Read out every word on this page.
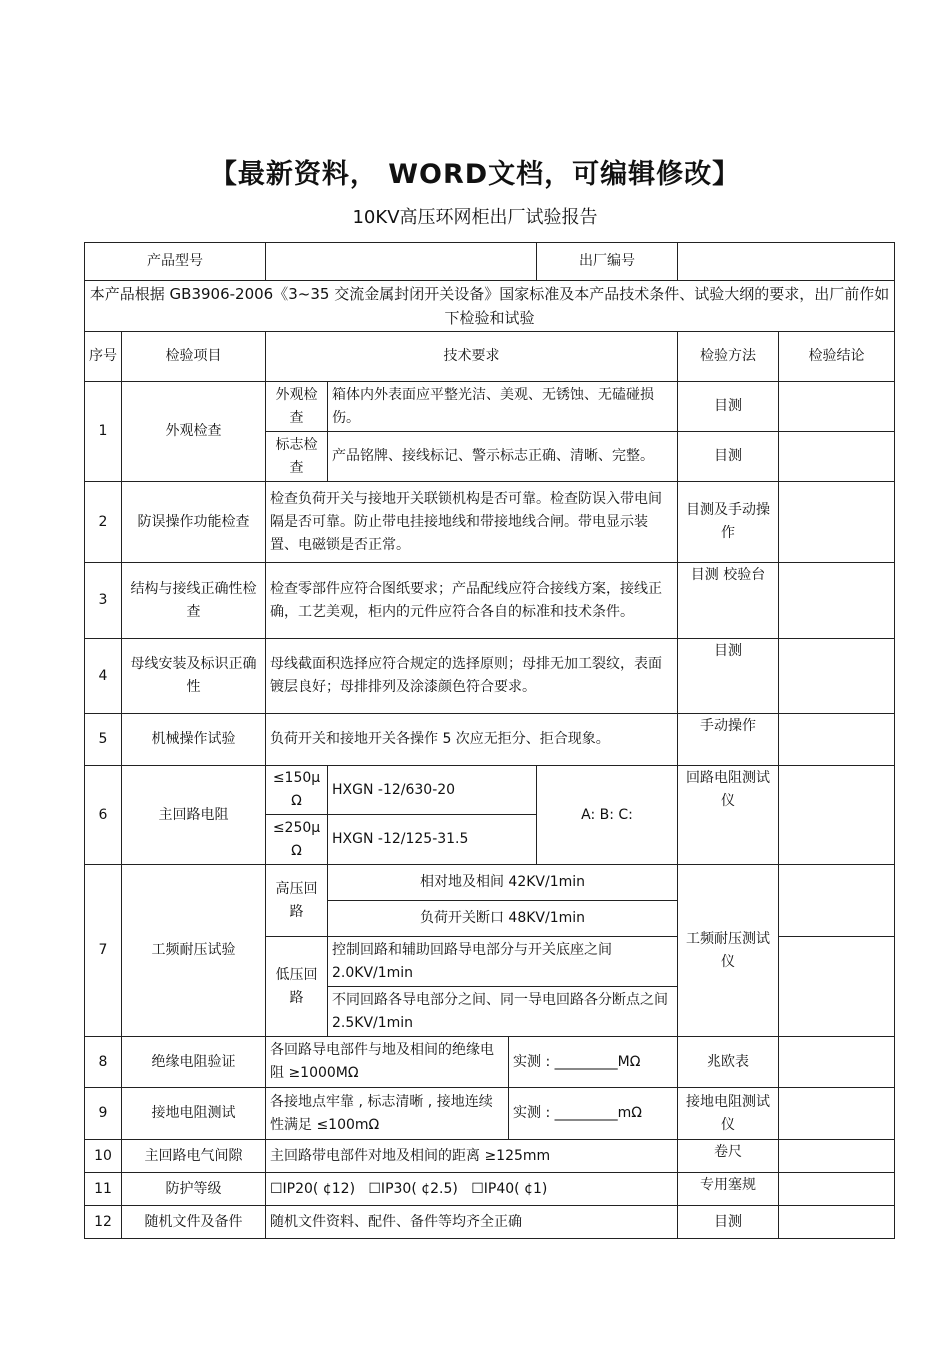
【最新资料， WORD文档，可编辑修改】
10KV高压环网柜出厂试验报告
产品型号					出厂编号		
本产品根据 GB3906-2006《3~35 交流金属封闭开关设备》国家标准及本产品技术条件、试验大纲的要求，出厂前作如下检验和试验							
序号	检验项目	技术要求				检验方法	检验结论
1	外观检查	外观检查	箱体内外表面应平整光洁、美观、无锈蚀、无磕碰损伤。			目测	
		标志检查	产品铭牌、接线标记、警示标志正确、清晰、完整。			目测	
2	防误操作功能检查	检查负荷开关与接地开关联锁机构是否可靠。检查防误入带电间隔是否可靠。防止带电挂接地线和带接地线合闸。带电显示装置、电磁锁是否正常。				目测及手动操作	
3	结构与接线正确性检查	检查零部件应符合图纸要求；产品配线应符合接线方案，接线正确，工艺美观，柜内的元件应符合各自的标准和技术条件。				目测 校验台	
4	母线安装及标识正确性	母线截面积选择应符合规定的选择原则；母排无加工裂纹，表面镀层良好；母排排列及涂漆颜色符合要求。				目测	
5	机械操作试验	负荷开关和接地开关各操作 5 次应无拒分、拒合现象。				手动操作	
6	主回路电阻	≤150μ Ω	HXGN -12/630-20		A: B: C:	回路电阻测试仪	
		≤250μ Ω	HXGN -12/125-31.5				
7	工频耐压试验	高压回路	相对地及相间 42KV/1min			工频耐压测试仪	
			负荷开关断口 48KV/1min				
		低压回路	控制回路和辅助回路导电部分与开关底座之间 2.0KV/1min				
			不同回路各导电部分之间、同一导电回路各分断点之间 2.5KV/1min				
8	绝缘电阻验证	各回路导电部件与地及相间的绝缘电阻 ≥1000MΩ		实测 : _________MΩ		兆欧表	
9	接地电阻测试	各接地点牢靠 , 标志清晰 , 接地连续性满足 ≤100mΩ		实测 : _________mΩ		接地电阻测试仪	
10	主回路电气间隙	主回路带电部件对地及相间的距离 ≥125mm				卷尺	
11	防护等级	☐IP20( ¢12)   ☐IP30( ¢2.5)   ☐IP40( ¢1)				专用塞规	
12	随机文件及备件	随机文件资料、配件、备件等均齐全正确				目测	
